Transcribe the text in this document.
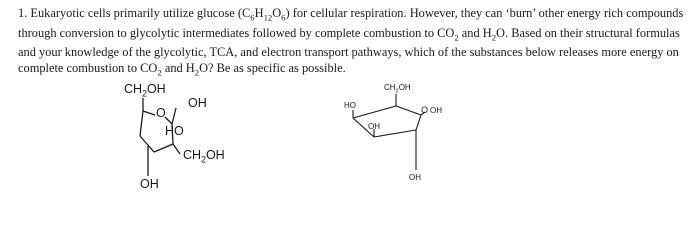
1. Eukaryotic cells primarily utilize glucose $(C_6H_{12}O_6)$ for cellular respiration. However, they can ‘burn’ other energy rich compounds through conversion to glycolytic intermediates followed by complete combustion to $CO_2$ and $H_2O$. Based on their structural formulas and your knowledge of the glycolytic, TCA, and electron transport pathways, which of the substances below releases more energy on complete combustion to $CO_2$ and $H_2O$? Be as specific as possible.

$CH_2OH$
OH
O
HO
$CH_2OH$
OH
$CH_2OH$
HO	O OH
OH
OH
